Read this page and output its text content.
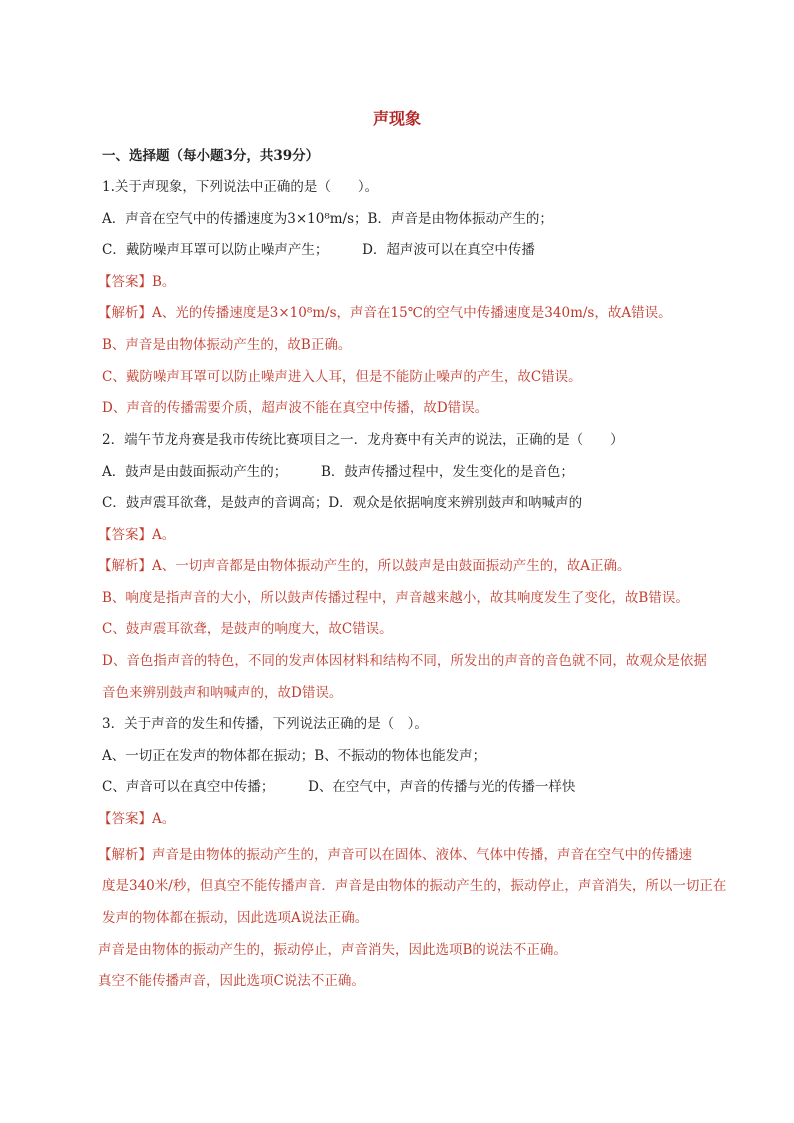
声现象
一、选择题（每小题3分，共39分）
1.关于声现象，下列说法中正确的是（　　）。
A．声音在空气中的传播速度为3×10⁸m/s；B．声音是由物体振动产生的；
C．戴防噪声耳罩可以防止噪声产生；　　　D．超声波可以在真空中传播
【答案】B。
【解析】A、光的传播速度是3×10⁸m/s，声音在15℃的空气中传播速度是340m/s，故A错误。
B、声音是由物体振动产生的，故B正确。
C、戴防噪声耳罩可以防止噪声进入人耳，但是不能防止噪声的产生，故C错误。
D、声音的传播需要介质，超声波不能在真空中传播，故D错误。
2．端午节龙舟赛是我市传统比赛项目之一．龙舟赛中有关声的说法，正确的是（　　）
A．鼓声是由鼓面振动产生的；　　　B．鼓声传播过程中，发生变化的是音色；
C．鼓声震耳欲聋，是鼓声的音调高；D．观众是依据响度来辨别鼓声和呐喊声的
【答案】A。
【解析】A、一切声音都是由物体振动产生的，所以鼓声是由鼓面振动产生的，故A正确。
B、响度是指声音的大小，所以鼓声传播过程中，声音越来越小，故其响度发生了变化，故B错误。
C、鼓声震耳欲聋，是鼓声的响度大，故C错误。
D、音色指声音的特色，不同的发声体因材料和结构不同，所发出的声音的音色就不同，故观众是依据
音色来辨别鼓声和呐喊声的，故D错误。
3．关于声音的发生和传播，下列说法正确的是（　）。
A、一切正在发声的物体都在振动；B、不振动的物体也能发声；
C、声音可以在真空中传播；　　　D、在空气中，声音的传播与光的传播一样快
【答案】A。
【解析】声音是由物体的振动产生的，声音可以在固体、液体、气体中传播，声音在空气中的传播速
度是340米/秒，但真空不能传播声音．声音是由物体的振动产生的，振动停止，声音消失，所以一切正在
发声的物体都在振动，因此选项A说法正确。
声音是由物体的振动产生的，振动停止，声音消失，因此选项B的说法不正确。
真空不能传播声音，因此选项C说法不正确。
